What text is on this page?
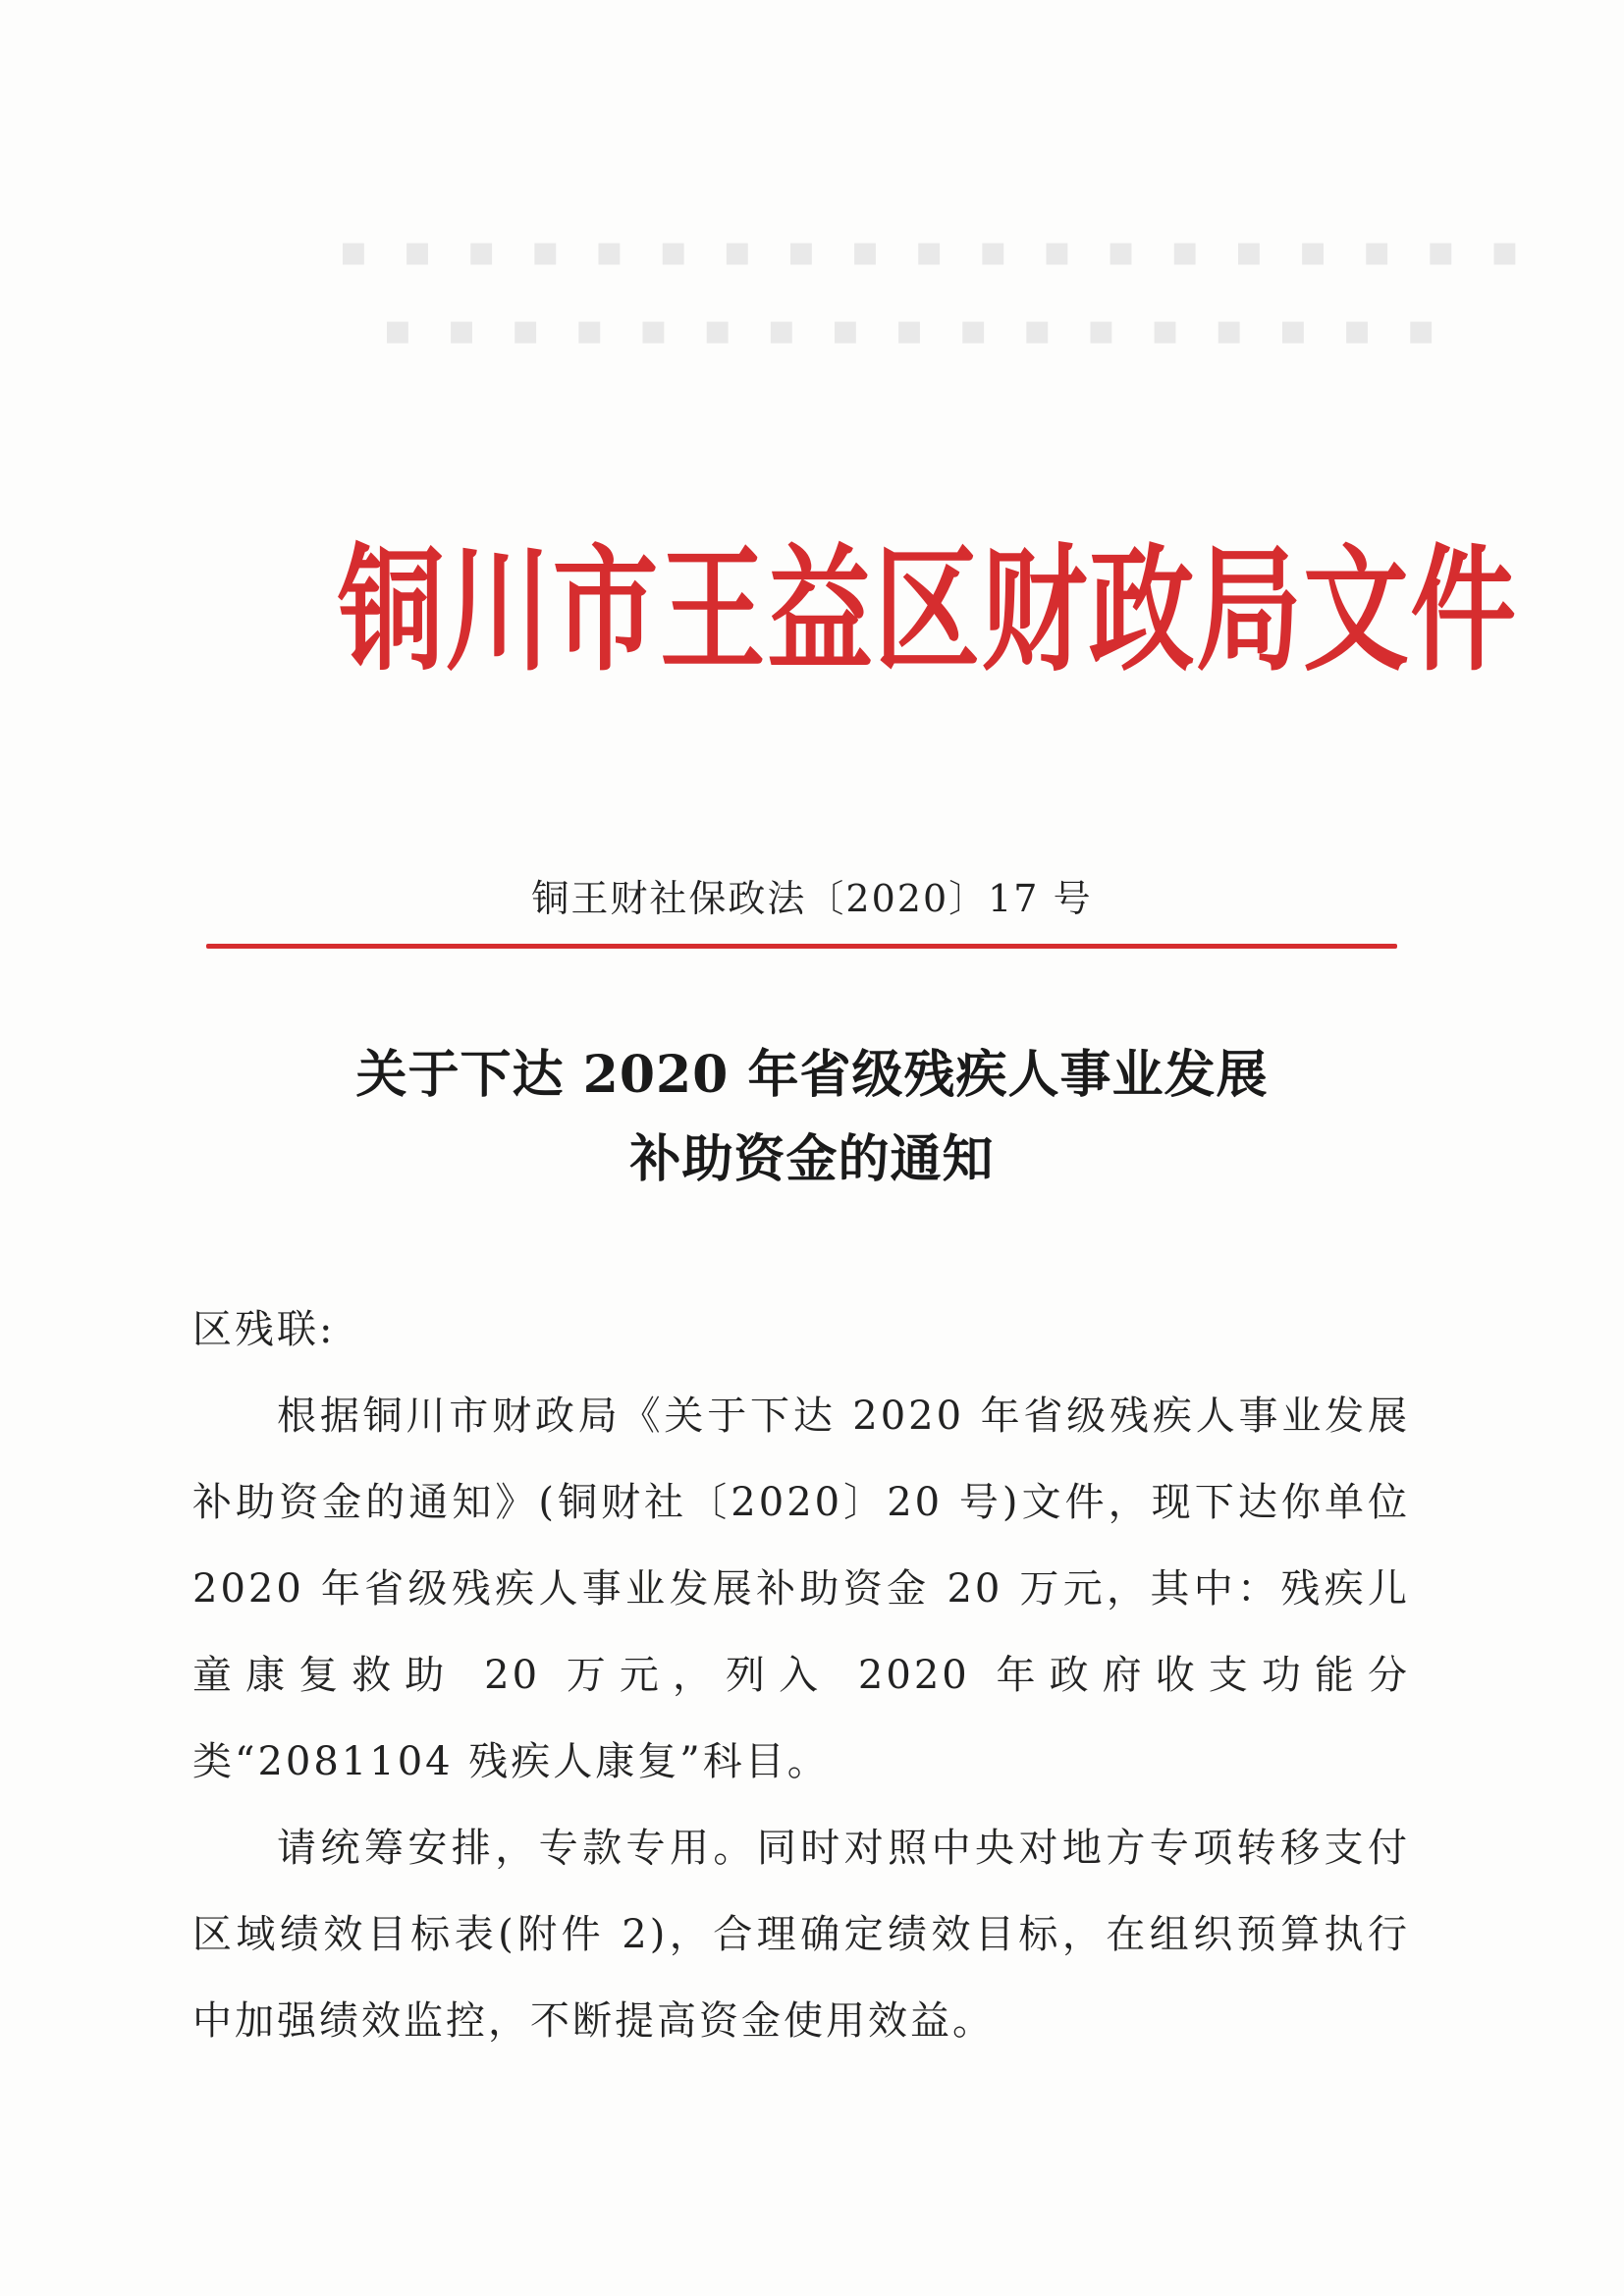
▪ ▪ ▪ ▪ ▪ ▪ ▪ ▪ ▪ ▪ ▪ ▪ ▪ ▪ ▪ ▪ ▪ ▪ ▪
▪ ▪ ▪ ▪ ▪ ▪ ▪ ▪ ▪ ▪ ▪ ▪ ▪ ▪ ▪ ▪ ▪
铜川市王益区财政局文件
铜王财社保政法〔2020〕17 号
关于下达 2020 年省级残疾人事业发展
补助资金的通知
区残联:

根据铜川市财政局《关于下达 2020 年省级残疾人事业发展补助资金的通知》(铜财社〔2020〕20 号)文件，现下达你单位 2020 年省级残疾人事业发展补助资金 20 万元，其中：残疾儿童康复救助 20 万元，列入 2020 年政府收支功能分类“2081104 残疾人康复”科目。

请统筹安排，专款专用。同时对照中央对地方专项转移支付区域绩效目标表(附件 2)，合理确定绩效目标，在组织预算执行中加强绩效监控，不断提高资金使用效益。
